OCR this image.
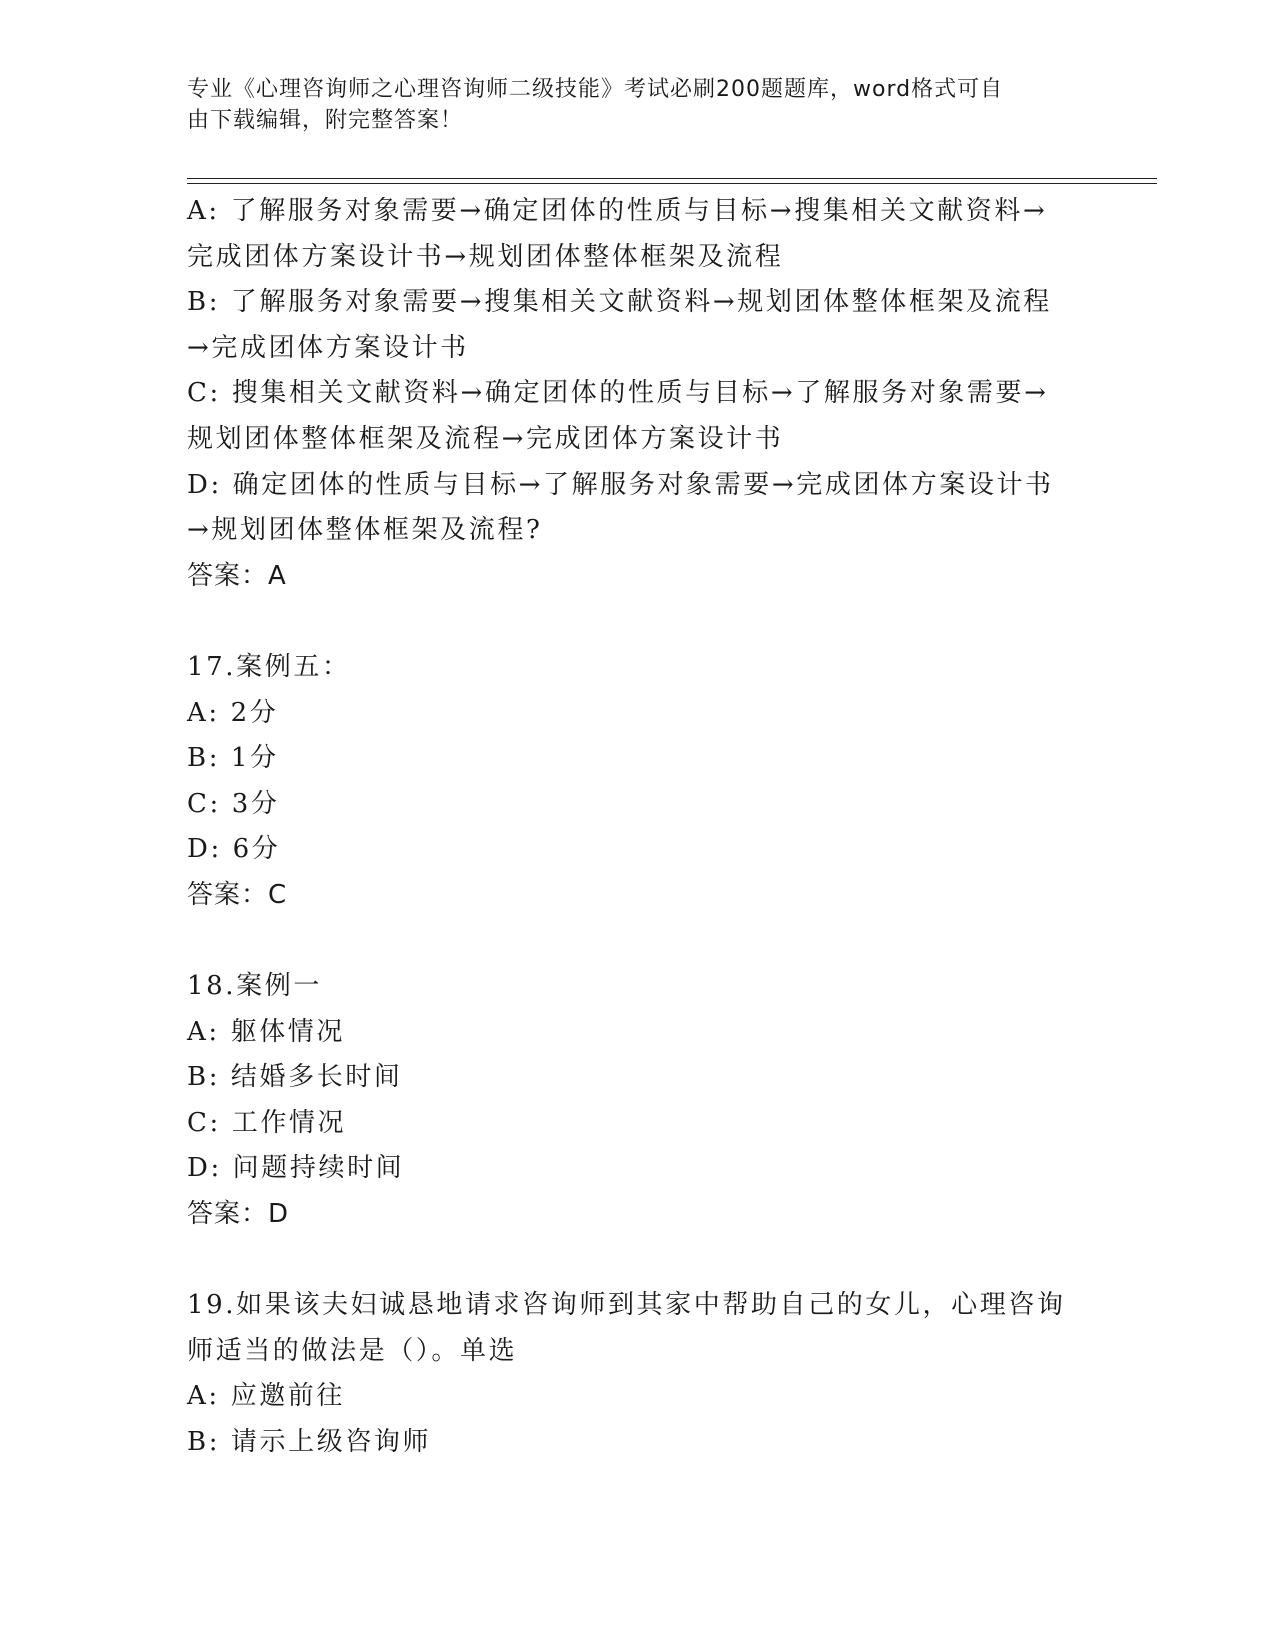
专业《心理咨询师之心理咨询师二级技能》考试必刷200题题库，word格式可自
由下载编辑，附完整答案！
A: 了解服务对象需要→确定团体的性质与目标→搜集相关文献资料→
完成团体方案设计书→规划团体整体框架及流程
B: 了解服务对象需要→搜集相关文献资料→规划团体整体框架及流程
→完成团体方案设计书
C: 搜集相关文献资料→确定团体的性质与目标→了解服务对象需要→
规划团体整体框架及流程→完成团体方案设计书
D: 确定团体的性质与目标→了解服务对象需要→完成团体方案设计书
→规划团体整体框架及流程?
答案：A
17.案例五：
A: 2分
B: 1分
C: 3分
D: 6分
答案：C
18.案例一
A: 躯体情况
B: 结婚多长时间
C: 工作情况
D: 问题持续时间
答案：D
19.如果该夫妇诚恳地请求咨询师到其家中帮助自己的女儿，心理咨询
师适当的做法是（）。单选
A: 应邀前往
B: 请示上级咨询师
